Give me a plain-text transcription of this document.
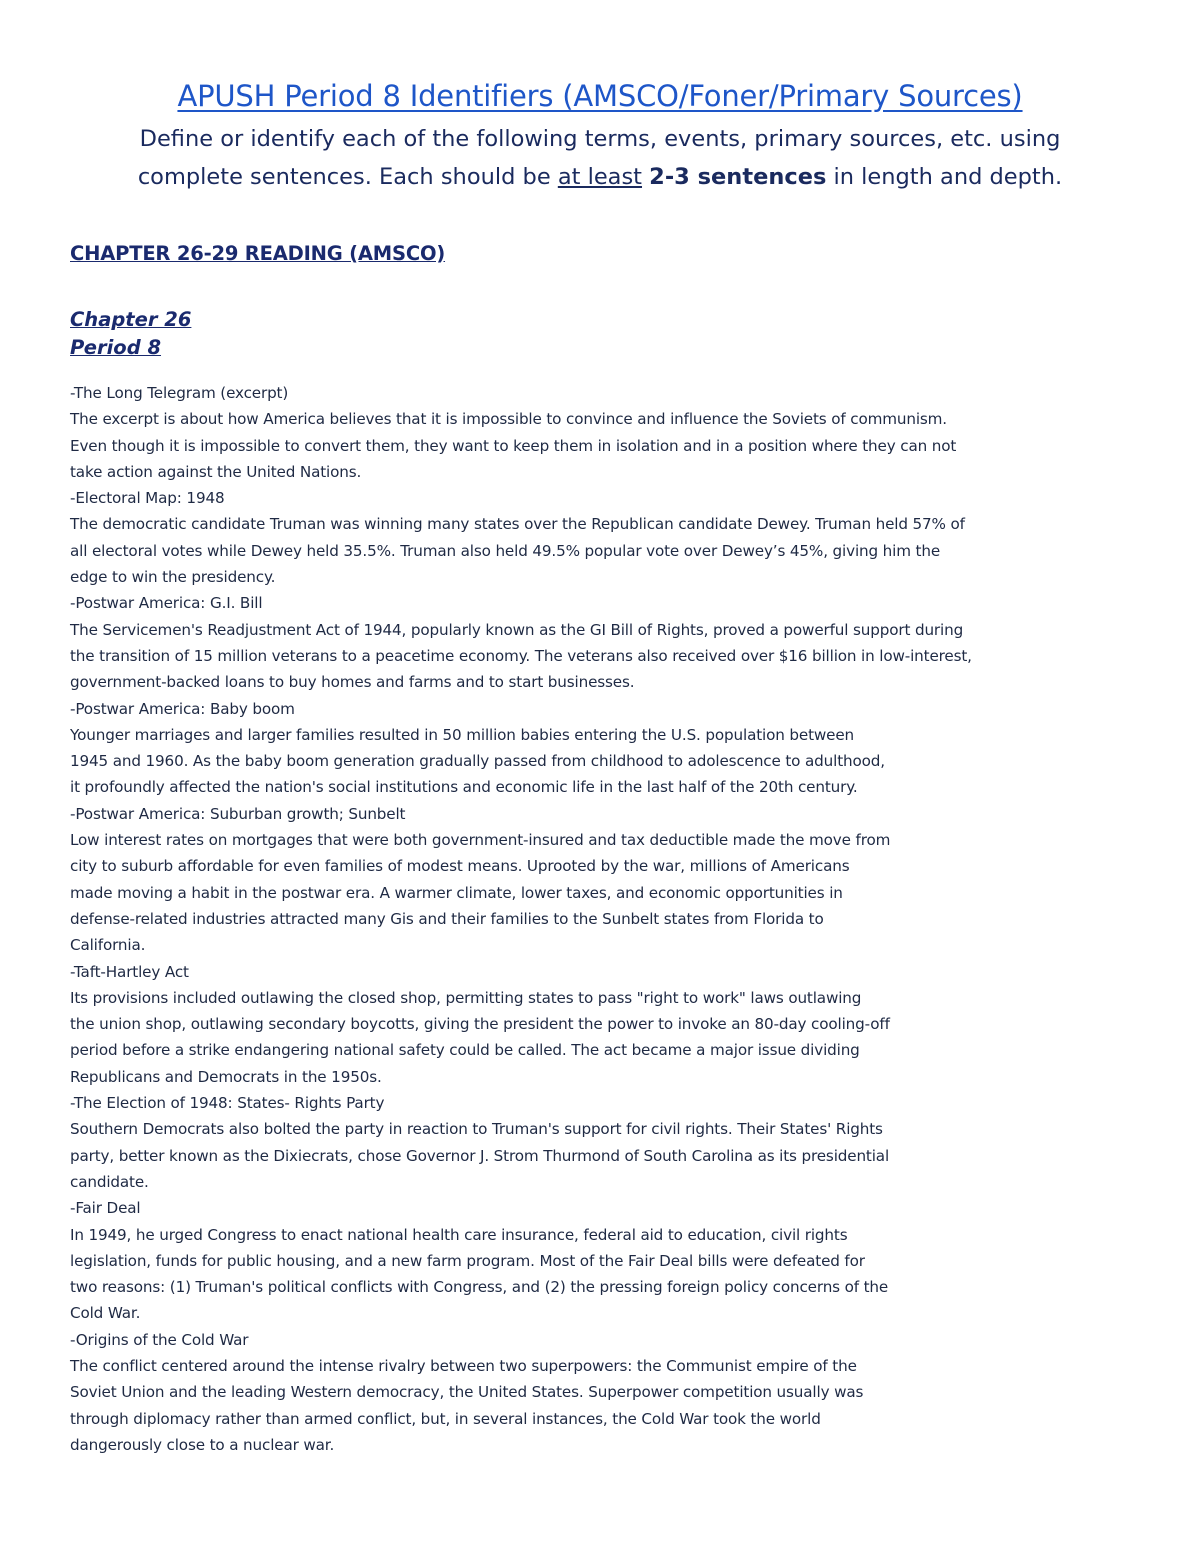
APUSH Period 8 Identifiers (AMSCO/Foner/Primary Sources)
Define or identify each of the following terms, events, primary sources, etc. using
complete sentences. Each should be at least 2-3 sentences in length and depth.
CHAPTER 26-29 READING (AMSCO)
Chapter 26
Period 8
-The Long Telegram (excerpt)
The excerpt is about how America believes that it is impossible to convince and influence the Soviets of communism.
Even though it is impossible to convert them, they want to keep them in isolation and in a position where they can not
take action against the United Nations.
-Electoral Map: 1948
The democratic candidate Truman was winning many states over the Republican candidate Dewey. Truman held 57% of
all electoral votes while Dewey held 35.5%. Truman also held 49.5% popular vote over Dewey’s 45%, giving him the
edge to win the presidency.
-Postwar America: G.I. Bill
The Servicemen's Readjustment Act of 1944, popularly known as the GI Bill of Rights, proved a powerful support during
the transition of 15 million veterans to a peacetime economy. The veterans also received over $16 billion in low-interest,
government-backed loans to buy homes and farms and to start businesses.
-Postwar America: Baby boom
Younger marriages and larger families resulted in 50 million babies entering the U.S. population between
1945 and 1960. As the baby boom generation gradually passed from childhood to adolescence to adulthood,
it profoundly affected the nation's social institutions and economic life in the last half of the 20th century.
-Postwar America: Suburban growth; Sunbelt
Low interest rates on mortgages that were both government-insured and tax deductible made the move from
city to suburb affordable for even families of modest means. Uprooted by the war, millions of Americans
made moving a habit in the postwar era. A warmer climate, lower taxes, and economic opportunities in
defense-related industries attracted many Gis and their families to the Sunbelt states from Florida to
California.
-Taft-Hartley Act
Its provisions included outlawing the closed shop, permitting states to pass "right to work" laws outlawing
the union shop, outlawing secondary boycotts, giving the president the power to invoke an 80-day cooling-off
period before a strike endangering national safety could be called. The act became a major issue dividing
Republicans and Democrats in the 1950s.
-The Election of 1948: States- Rights Party
Southern Democrats also bolted the party in reaction to Truman's support for civil rights. Their States' Rights
party, better known as the Dixiecrats, chose Governor J. Strom Thurmond of South Carolina as its presidential
candidate.
-Fair Deal
In 1949, he urged Congress to enact national health care insurance, federal aid to education, civil rights
legislation, funds for public housing, and a new farm program. Most of the Fair Deal bills were defeated for
two reasons: (1) Truman's political conflicts with Congress, and (2) the pressing foreign policy concerns of the
Cold War.
-Origins of the Cold War
The conflict centered around the intense rivalry between two superpowers: the Communist empire of the
Soviet Union and the leading Western democracy, the United States. Superpower competition usually was
through diplomacy rather than armed conflict, but, in several instances, the Cold War took the world
dangerously close to a nuclear war.
